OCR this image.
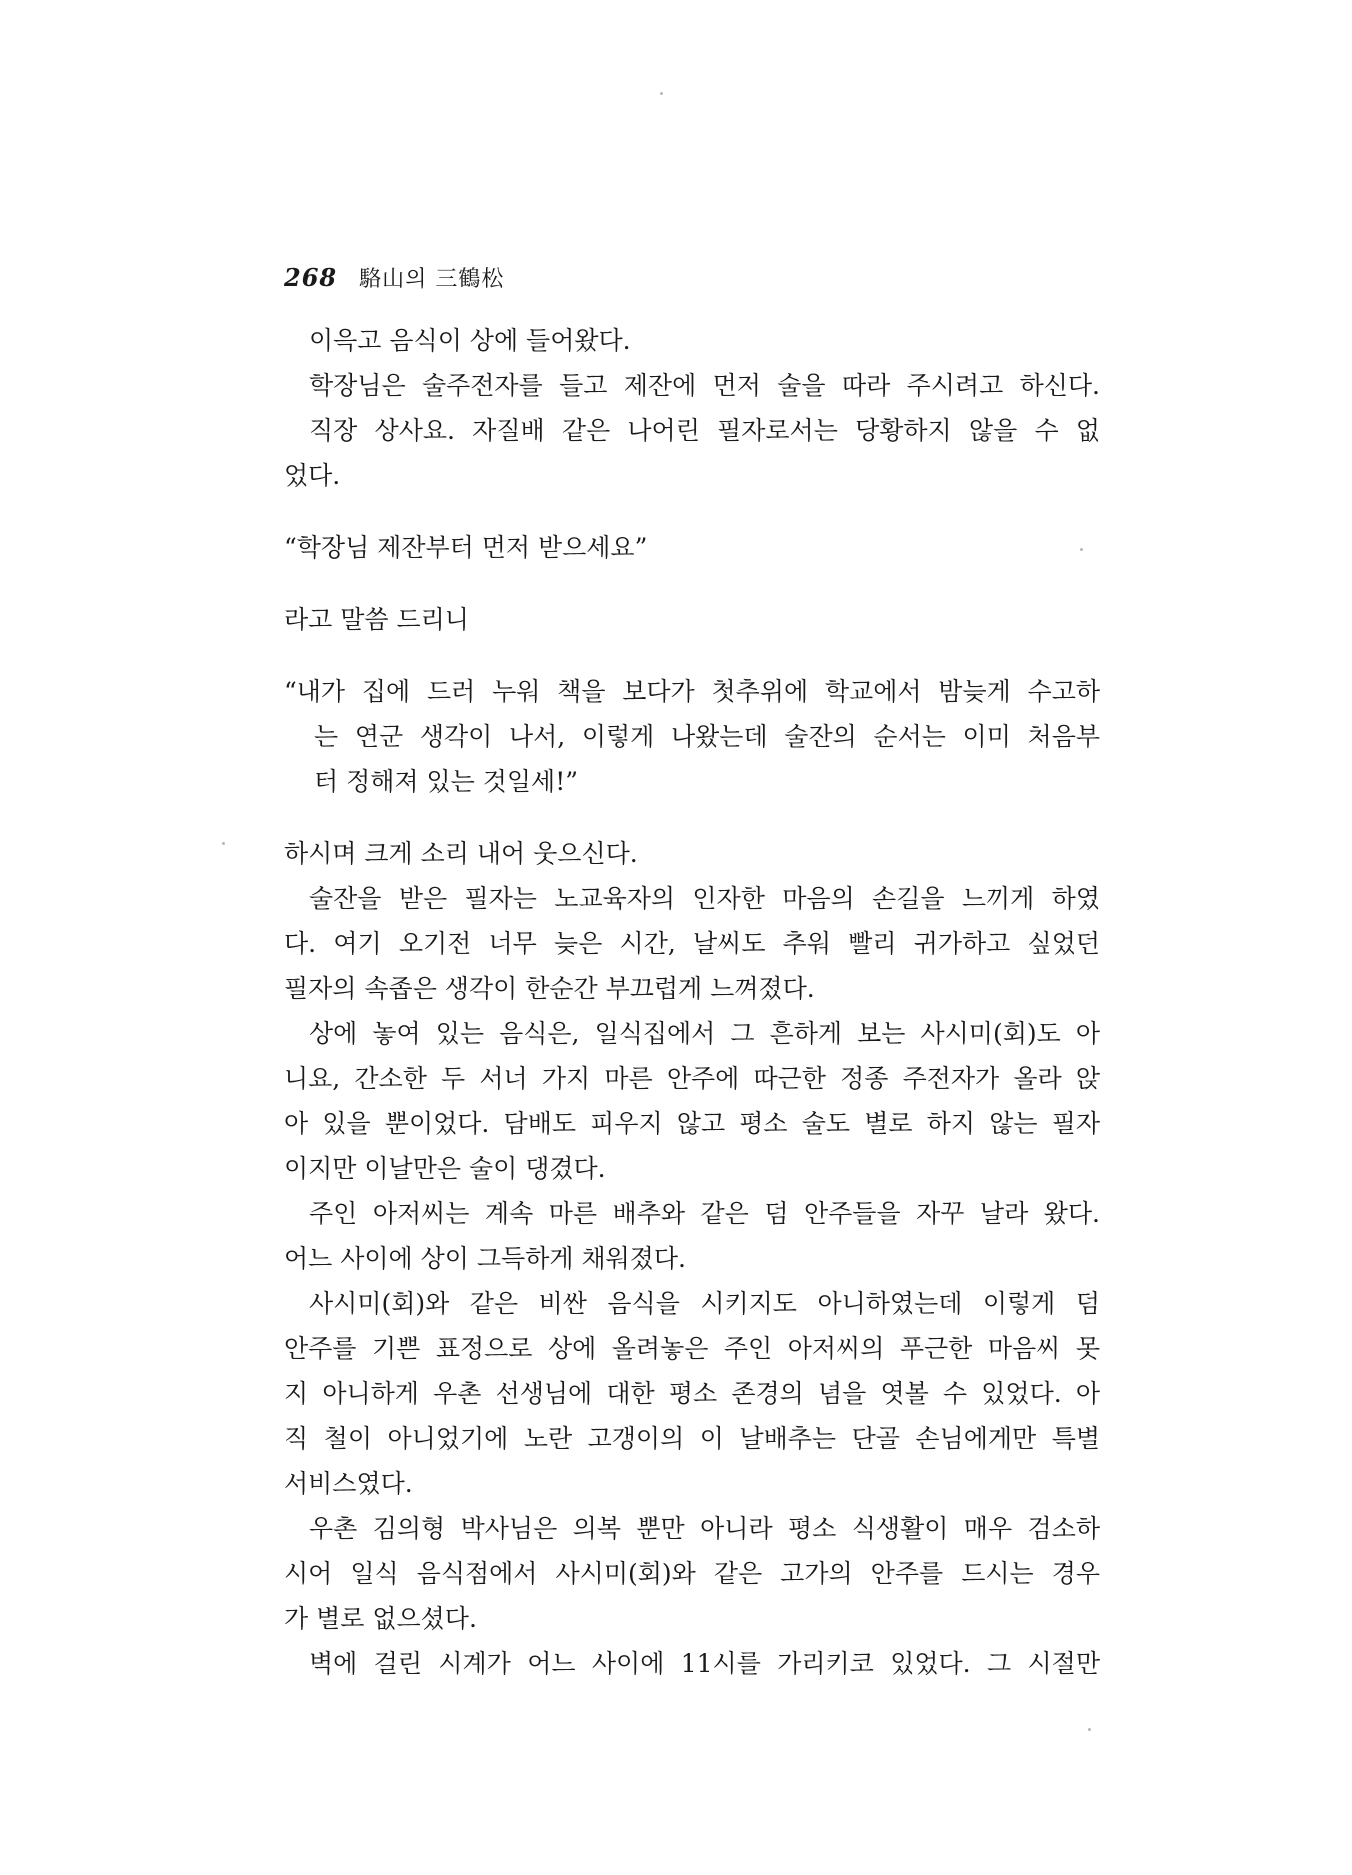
268 駱山의 三鶴松
이윽고 음식이 상에 들어왔다.
학장님은 술주전자를 들고 제잔에 먼저 술을 따라 주시려고 하신다.
직장 상사요. 자질배 같은 나어린 필자로서는 당황하지 않을 수 없
었다.
“학장님 제잔부터 먼저 받으세요”
라고 말씀 드리니
“내가 집에 드러 누워 책을 보다가 첫추위에 학교에서 밤늦게 수고하
는 연군 생각이 나서, 이렇게 나왔는데 술잔의 순서는 이미 처음부
터 정해져 있는 것일세!”
하시며 크게 소리 내어 웃으신다.
술잔을 받은 필자는 노교육자의 인자한 마음의 손길을 느끼게 하였
다. 여기 오기전 너무 늦은 시간, 날씨도 추워 빨리 귀가하고 싶었던
필자의 속좁은 생각이 한순간 부끄럽게 느껴졌다.
상에 놓여 있는 음식은, 일식집에서 그 흔하게 보는 사시미(회)도 아
니요, 간소한 두 서너 가지 마른 안주에 따근한 정종 주전자가 올라 앉
아 있을 뿐이었다. 담배도 피우지 않고 평소 술도 별로 하지 않는 필자
이지만 이날만은 술이 댕겼다.
주인 아저씨는 계속 마른 배추와 같은 덤 안주들을 자꾸 날라 왔다.
어느 사이에 상이 그득하게 채워졌다.
사시미(회)와 같은 비싼 음식을 시키지도 아니하였는데 이렇게 덤
안주를 기쁜 표정으로 상에 올려놓은 주인 아저씨의 푸근한 마음씨 못
지 아니하게 우촌 선생님에 대한 평소 존경의 념을 엿볼 수 있었다. 아
직 철이 아니었기에 노란 고갱이의 이 날배추는 단골 손님에게만 특별
서비스였다.
우촌 김의형 박사님은 의복 뿐만 아니라 평소 식생활이 매우 검소하
시어 일식 음식점에서 사시미(회)와 같은 고가의 안주를 드시는 경우
가 별로 없으셨다.
벽에 걸린 시계가 어느 사이에 11시를 가리키코 있었다. 그 시절만
